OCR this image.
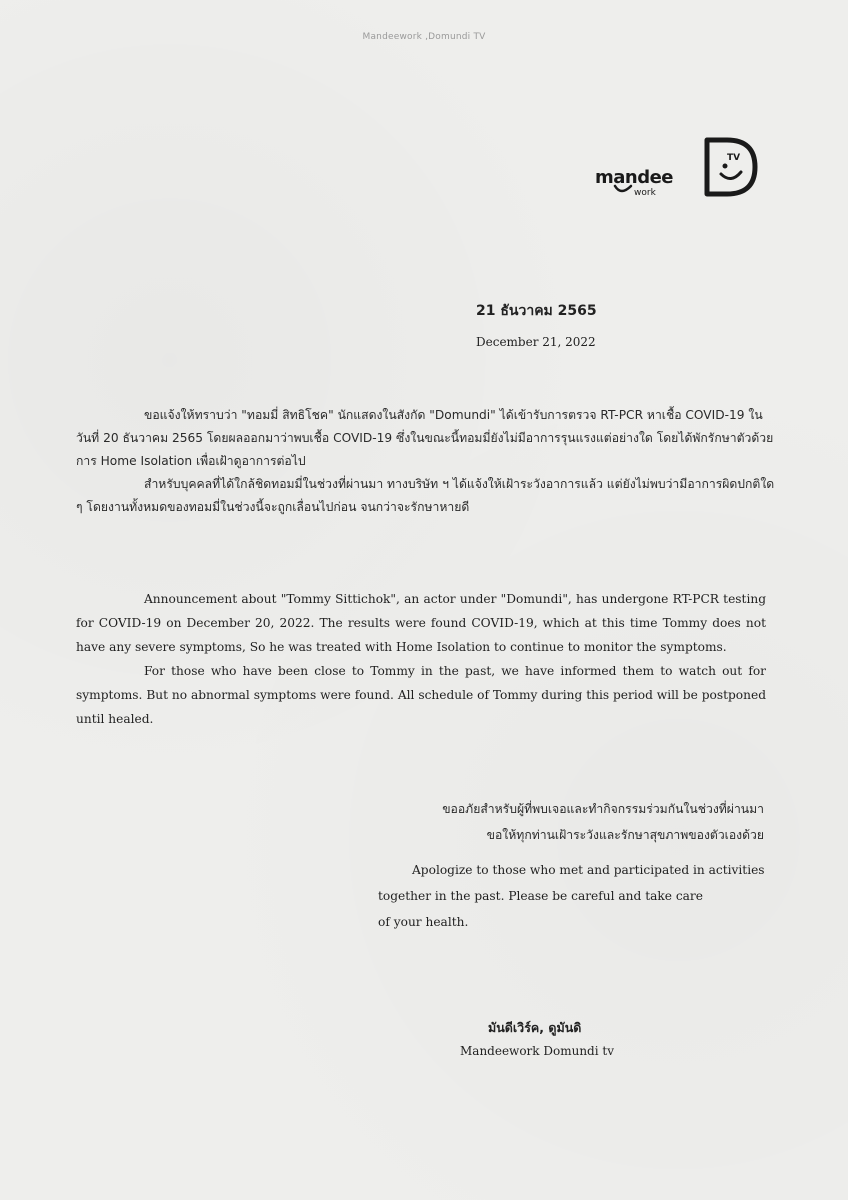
Mandeework ,Domundi TV
mandee
work
TV
21 ธันวาคม 2565
December 21, 2022

ขอแจ้งให้ทราบว่า "ทอมมี่ สิทธิโชค" นักแสดงในสังกัด "Domundi" ได้เข้ารับการตรวจ RT-PCR หาเชื้อ COVID-19 ในวันที่ 20 ธันวาคม 2565 โดยผลออกมาว่าพบเชื้อ COVID-19 ซึ่งในขณะนี้ทอมมี่ยังไม่มีอาการรุนแรงแต่อย่างใด โดยได้พักรักษาตัวด้วยการ Home Isolation เพื่อเฝ้าดูอาการต่อไป

สำหรับบุคคลที่ได้ใกล้ชิดทอมมี่ในช่วงที่ผ่านมา ทางบริษัท ฯ ได้แจ้งให้เฝ้าระวังอาการแล้ว แต่ยังไม่พบว่ามีอาการผิดปกติใด ๆ โดยงานทั้งหมดของทอมมี่ในช่วงนี้จะถูกเลื่อนไปก่อน จนกว่าจะรักษาหายดี

Announcement about "Tommy Sittichok", an actor under "Domundi", has undergone RT-PCR testing for COVID-19 on December 20, 2022. The results were found COVID-19, which at this time Tommy does not have any severe symptoms, So he was treated with Home Isolation to continue to monitor the symptoms.

For those who have been close to Tommy in the past, we have informed them to watch out for symptoms. But no abnormal symptoms were found. All schedule of Tommy during this period will be postponed until healed.

ขออภัยสำหรับผู้ที่พบเจอและทำกิจกรรมร่วมกันในช่วงที่ผ่านมา
ขอให้ทุกท่านเฝ้าระวังและรักษาสุขภาพของตัวเองด้วย
Apologize to those who met and participated in activities
together in the past. Please be careful and take care
of your health.
มันดีเวิร์ค, ดูมันดิ
Mandeework Domundi tv
